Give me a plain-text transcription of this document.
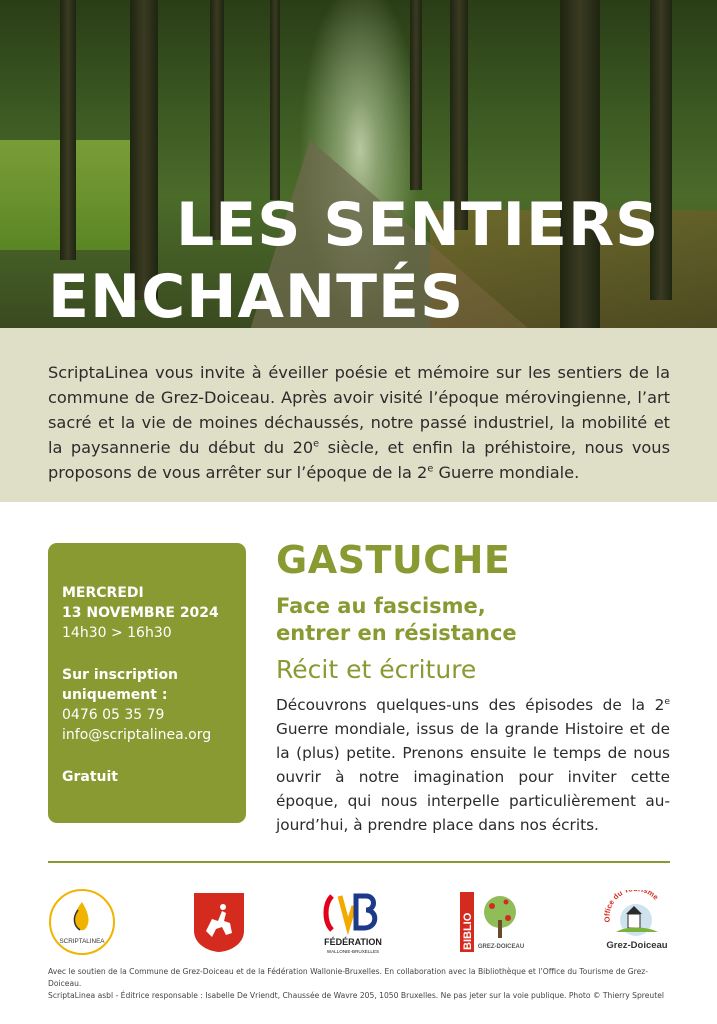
LES SENTIERS
ENCHANTÉS

ScriptaLinea vous invite à éveiller poésie et mémoire sur les sentiers de la commune de Grez-Doiceau. Après avoir visité l’époque mérovingienne, l’art sacré et la vie de moines déchaussés, notre passé industriel, la mobilité et la paysannerie du début du 20e siècle, et enfin la préhistoire, nous vous proposons de vous arrêter sur l’époque de la 2e Guerre mondiale.

MERCREDI
13 NOVEMBRE 2024
14h30 > 16h30
Sur inscription
uniquement :
0476 05 35 79
info@scriptalinea.org
Gratuit
GASTUCHE
Face au fascisme,
entrer en résistance
Récit et écriture

Découvrons quelques-uns des épisodes de la 2e Guerre mondiale, issus de la grande Histoire et de la (plus) petite. Prenons ensuite le temps de nous ouvrir à notre imagination pour inviter cette époque, qui nous interpelle particulièrement au-jourd’hui, à prendre place dans nos écrits.

SCRIPTALINEA	FÉDÉRATION
WALLONIE-BRUXELLES
BIBLIO GREZ-DOICEAU
Office du T sme
Grez-Doiceau
Avec le soutien de la Commune de Grez-Doiceau et de la Fédération Wallonie-Bruxelles. En collaboration avec la Bibliothèque et l’Office du Tourisme de Grez-Doiceau.
ScriptaLinea asbl - Éditrice responsable : Isabelle De Vriendt, Chaussée de Wavre 205, 1050 Bruxelles. Ne pas jeter sur la voie publique. Photo © Thierry Spreutel
